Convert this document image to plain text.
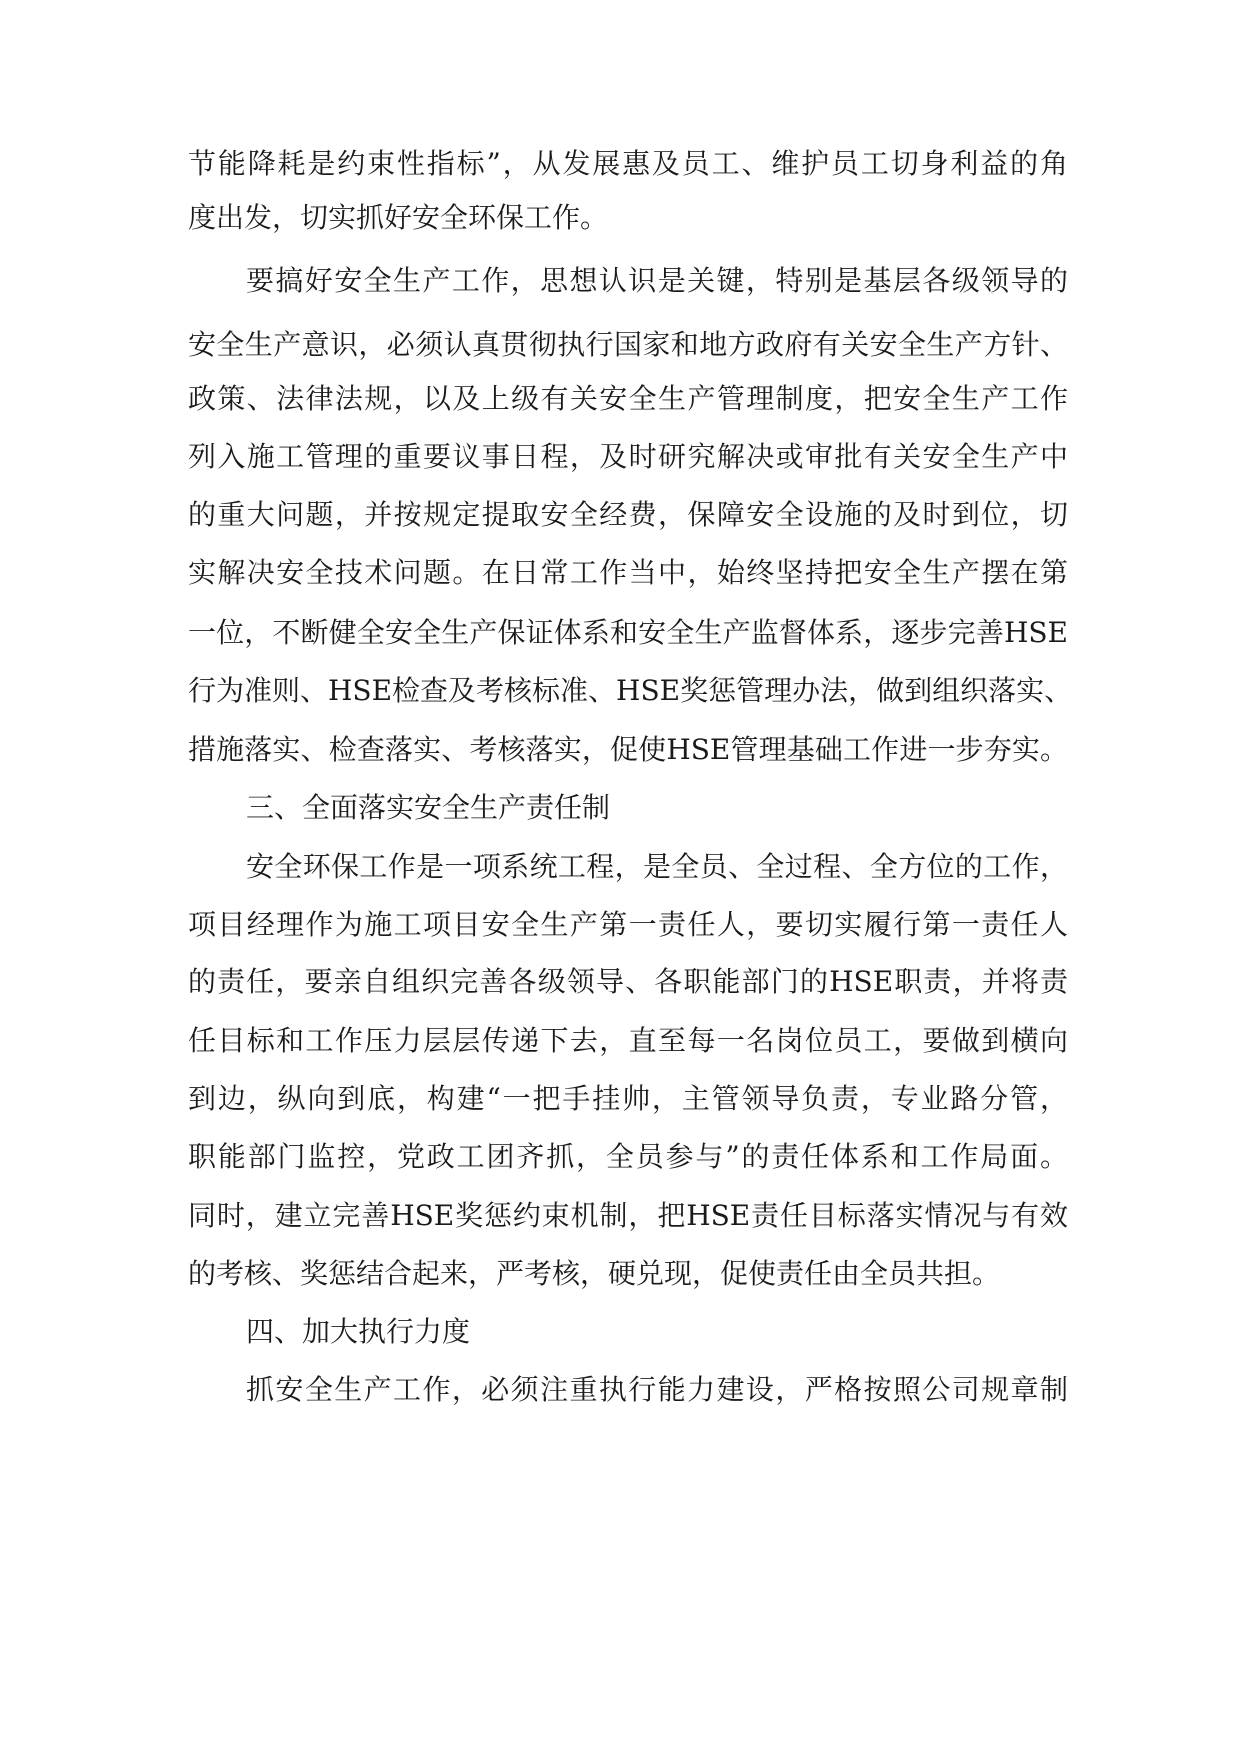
节能降耗是约束性指标”，从发展惠及员工、维护员工切身利益的角
度出发，切实抓好安全环保工作。
要搞好安全生产工作，思想认识是关键，特别是基层各级领导的
安全生产意识，必须认真贯彻执行国家和地方政府有关安全生产方针、
政策、法律法规，以及上级有关安全生产管理制度，把安全生产工作
列入施工管理的重要议事日程，及时研究解决或审批有关安全生产中
的重大问题，并按规定提取安全经费，保障安全设施的及时到位，切
实解决安全技术问题。在日常工作当中，始终坚持把安全生产摆在第
一位，不断健全安全生产保证体系和安全生产监督体系，逐步完善HSE
行为准则、HSE检查及考核标准、HSE奖惩管理办法，做到组织落实、
措施落实、检查落实、考核落实，促使HSE管理基础工作进一步夯实。
三、全面落实安全生产责任制
安全环保工作是一项系统工程，是全员、全过程、全方位的工作，
项目经理作为施工项目安全生产第一责任人，要切实履行第一责任人
的责任，要亲自组织完善各级领导、各职能部门的HSE职责，并将责
任目标和工作压力层层传递下去，直至每一名岗位员工，要做到横向
到边，纵向到底，构建“一把手挂帅，主管领导负责，专业路分管，
职能部门监控，党政工团齐抓，全员参与”的责任体系和工作局面。
同时，建立完善HSE奖惩约束机制，把HSE责任目标落实情况与有效
的考核、奖惩结合起来，严考核，硬兑现，促使责任由全员共担。
四、加大执行力度
抓安全生产工作，必须注重执行能力建设，严格按照公司规章制
